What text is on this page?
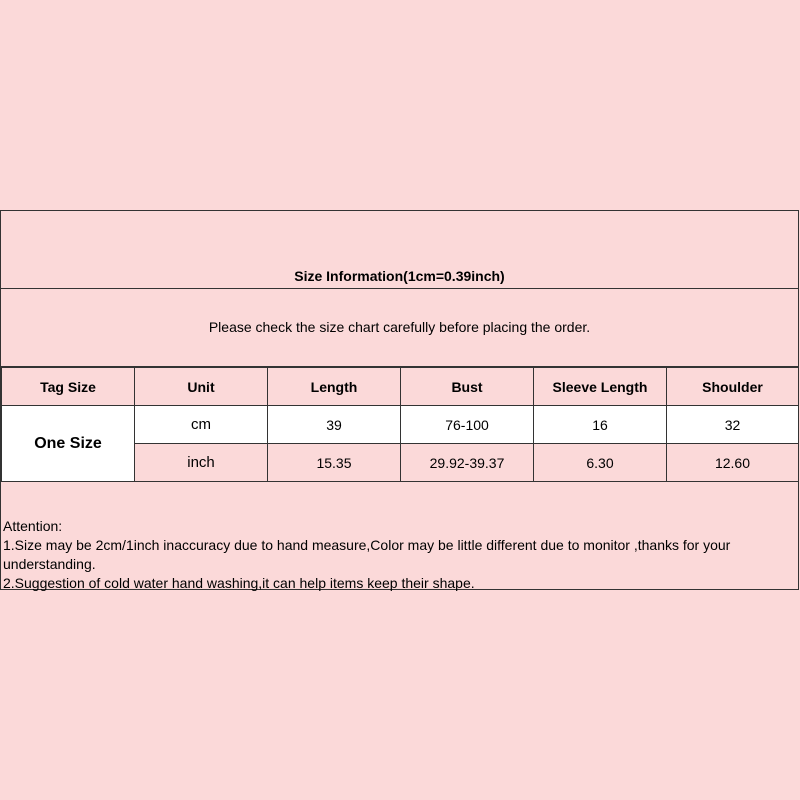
Size Information(1cm=0.39inch)
Please check the size chart carefully before placing the order.
Tag Size	Unit	Length	Bust	Sleeve Length	Shoulder
One Size	cm	39	76-100	16	32
	inch	15.35	29.92-39.37	6.30	12.60
Attention:
1.Size may be 2cm/1inch inaccuracy due to hand measure,Color may be little different due to monitor ,thanks for your
understanding.
2.Suggestion of cold water hand washing,it can help items keep their shape.
